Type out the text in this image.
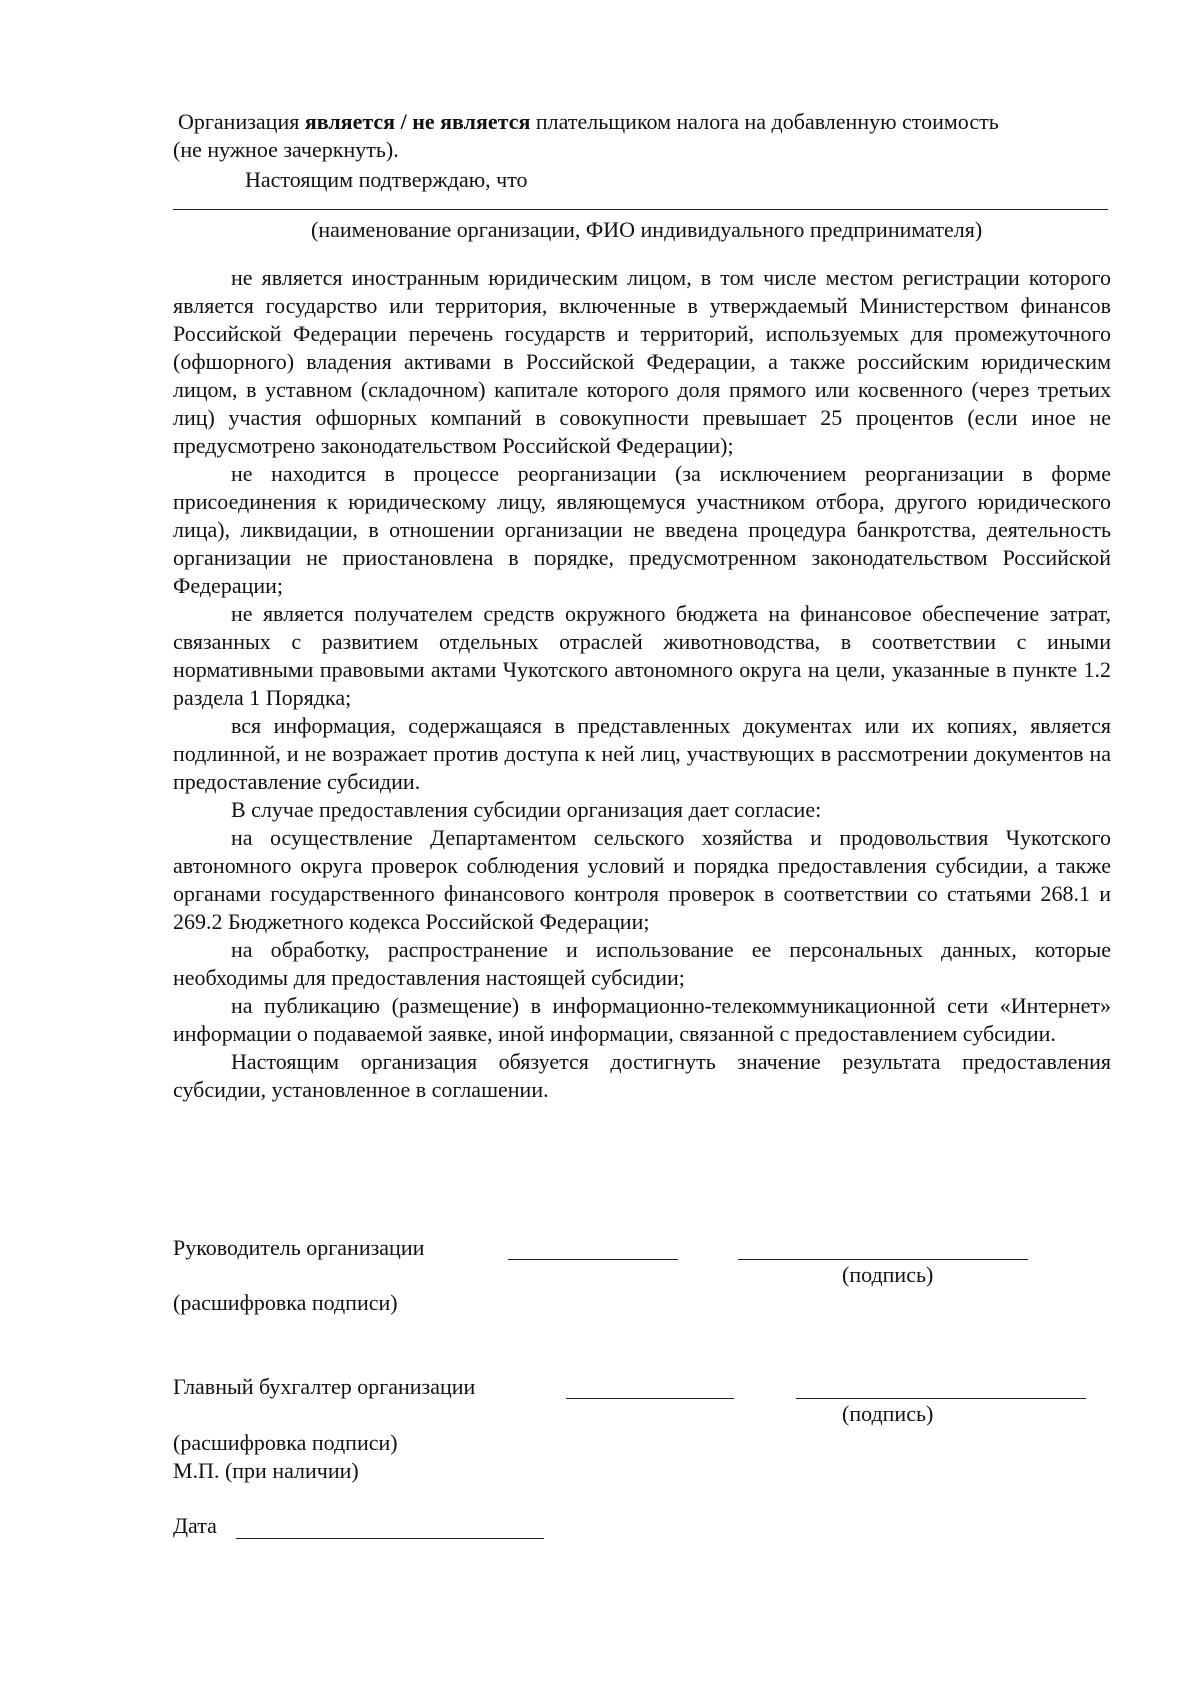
Организация является / не является плательщиком налога на добавленную стоимость

(не нужное зачеркнуть).

Настоящим подтверждаю, что

(наименование организации, ФИО индивидуального предпринимателя)

не является иностранным юридическим лицом, в том числе местом регистрации которого является государство или территория, включенные в утверждаемый Министерством финансов Российской Федерации перечень государств и территорий, используемых для промежуточного (офшорного) владения активами в Российской Федерации, а также российским юридическим лицом, в уставном (складочном) капитале которого доля прямого или косвенного (через третьих лиц) участия офшорных компаний в совокупности превышает 25 процентов (если иное не предусмотрено законодательством Российской Федерации);

не находится в процессе реорганизации (за исключением реорганизации в форме присоединения к юридическому лицу, являющемуся участником отбора, другого юридического лица), ликвидации, в отношении организации не введена процедура банкротства, деятельность организации не приостановлена в порядке, предусмотренном законодательством Российской Федерации;

не является получателем средств окружного бюджета на финансовое обеспечение затрат, связанных с развитием отдельных отраслей животноводства, в соответствии с иными нормативными правовыми актами Чукотского автономного округа на цели, указанные в пункте 1.2 раздела 1 Порядка;

вся информация, содержащаяся в представленных документах или их копиях, является подлинной, и не возражает против доступа к ней лиц, участвующих в рассмотрении документов на предоставление субсидии.

В случае предоставления субсидии организация дает согласие:

на осуществление Департаментом сельского хозяйства и продовольствия Чукотского автономного округа проверок соблюдения условий и порядка предоставления субсидии, а также органами государственного финансового контроля проверок в соответствии со статьями 268.1 и 269.2 Бюджетного кодекса Российской Федерации;

на обработку, распространение и использование ее персональных данных, которые необходимы для предоставления настоящей субсидии;

на публикацию (размещение) в информационно-телекоммуникационной сети «Интернет» информации о подаваемой заявке, иной информации, связанной с предоставлением субсидии.

Настоящим организация обязуется достигнуть значение результата предоставления субсидии, установленное в соглашении.

Руководитель организации
(подпись)
(расшифровка подписи)
Главный бухгалтер организации
(подпись)
(расшифровка подписи)
М.П. (при наличии)
Дата
